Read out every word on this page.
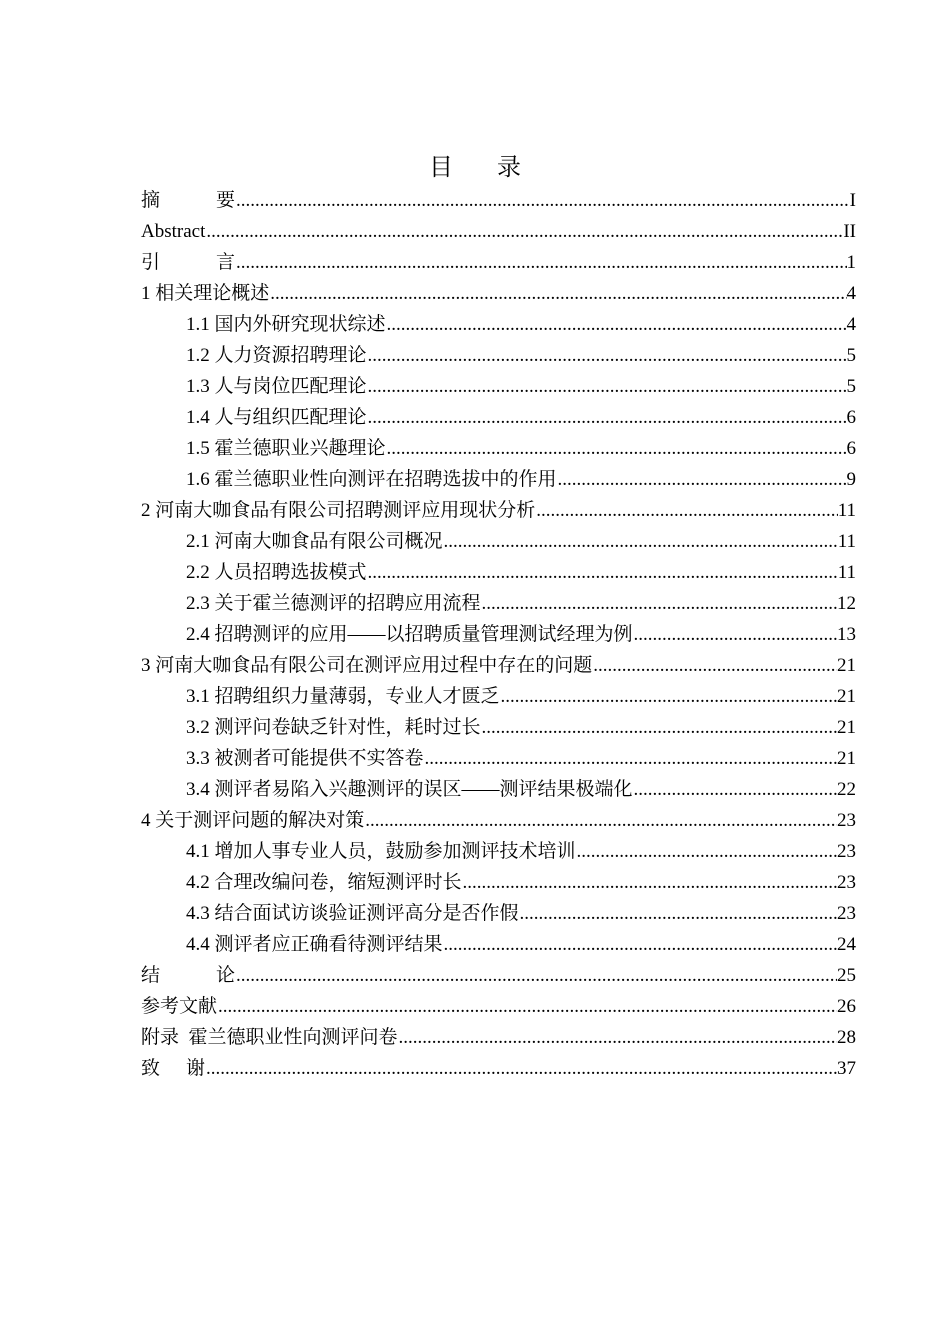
目 录
摘	要 .....	I
Abstract .....	II
引	言 .....	1
1 相关理论概述 .....	4
1.1 国内外研究现状综述 .....	4
1.2 人力资源招聘理论 .....	5
1.3 人与岗位匹配理论 .....	5
1.4 人与组织匹配理论 .....	6
1.5 霍兰德职业兴趣理论 .....	6
1.6 霍兰德职业性向测评在招聘选拔中的作用 .....	9
2 河南大咖食品有限公司招聘测评应用现状分析 .....	11
2.1 河南大咖食品有限公司概况 .....	11
2.2 人员招聘选拔模式 .....	11
2.3 关于霍兰德测评的招聘应用流程 .....	12
2.4 招聘测评的应用——以招聘质量管理测试经理为例 .....	13
3 河南大咖食品有限公司在测评应用过程中存在的问题 .....	21
3.1 招聘组织力量薄弱，专业人才匮乏 .....	21
3.2 测评问卷缺乏针对性，耗时过长 .....	21
3.3 被测者可能提供不实答卷 .....	21
3.4 测评者易陷入兴趣测评的误区——测评结果极端化 .....	22
4 关于测评问题的解决对策 .....	23
4.1 增加人事专业人员，鼓励参加测评技术培训 .....	23
4.2 合理改编问卷，缩短测评时长 .....	23
4.3 结合面试访谈验证测评高分是否作假 .....	23
4.4 测评者应正确看待测评结果 .....	24
结	论 .....	25
参考文献 .....	26
附录  霍兰德职业性向测评问卷 .....	28
致 谢 .....	37
